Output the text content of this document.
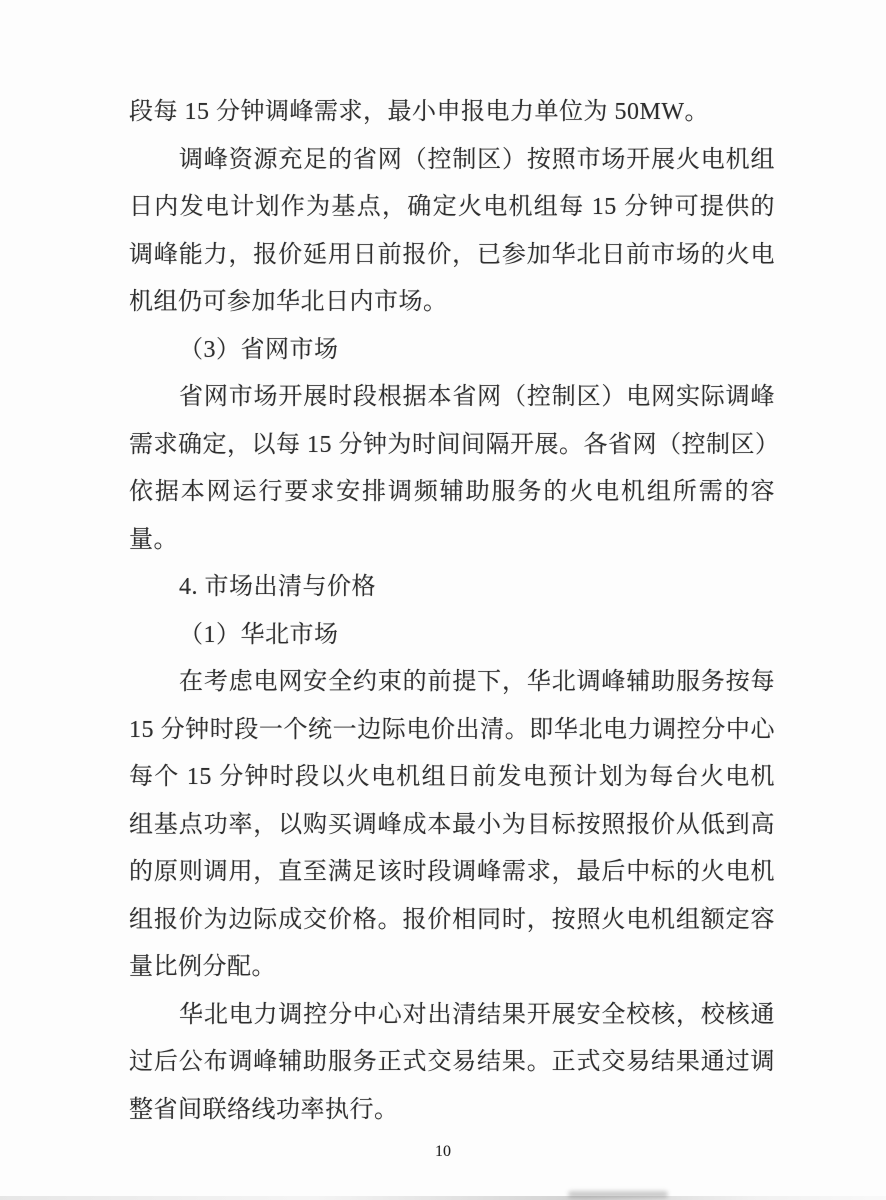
段每 15 分钟调峰需求，最小申报电力单位为 50MW。
调峰资源充足的省网（控制区）按照市场开展火电机组
日内发电计划作为基点，确定火电机组每 15 分钟可提供的
调峰能力，报价延用日前报价，已参加华北日前市场的火电
机组仍可参加华北日内市场。
（3）省网市场
省网市场开展时段根据本省网（控制区）电网实际调峰
需求确定，以每 15 分钟为时间间隔开展。各省网（控制区）
依据本网运行要求安排调频辅助服务的火电机组所需的容
量。
4. 市场出清与价格
（1）华北市场
在考虑电网安全约束的前提下，华北调峰辅助服务按每
15 分钟时段一个统一边际电价出清。即华北电力调控分中心
每个 15 分钟时段以火电机组日前发电预计划为每台火电机
组基点功率，以购买调峰成本最小为目标按照报价从低到高
的原则调用，直至满足该时段调峰需求，最后中标的火电机
组报价为边际成交价格。报价相同时，按照火电机组额定容
量比例分配。
华北电力调控分中心对出清结果开展安全校核，校核通
过后公布调峰辅助服务正式交易结果。正式交易结果通过调
整省间联络线功率执行。
10
